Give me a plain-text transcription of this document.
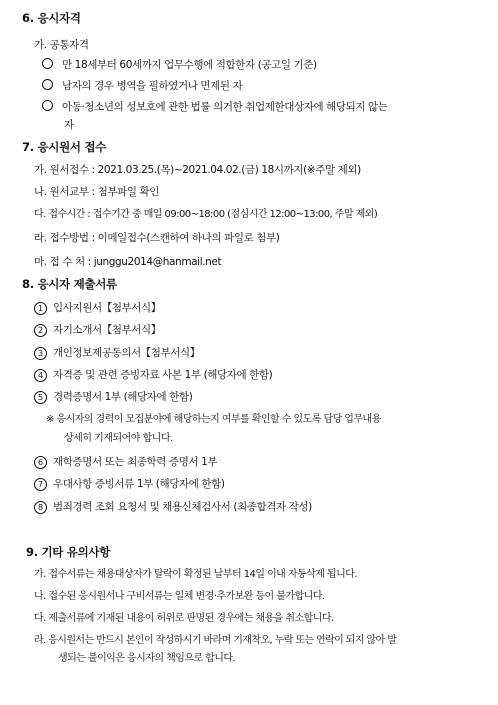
6. 응시자격
가. 공통자격
만 18세부터 60세까지 업무수행에 적합한자 (공고일 기준)
남자의 경우 병역을 필하였거나 면제된 자
아동·청소년의 성보호에 관한 법률 의거한 취업제한대상자에 해당되지 않는
자
7. 응시원서 접수
가. 원서접수 : 2021.03.25.(목)~2021.04.02.(금) 18시까지(※주말 제외)
나. 원서교부 : 첨부파일 확인
다. 접수시간 : 접수기간 중 매일 09:00~18:00 (점심시간 12:00~13:00, 주말 제외)
라. 접수방법 : 이메일접수(스캔하여 하나의 파일로 첨부)
마. 접 수 처 : junggu2014@hanmail.net
8. 응시자 제출서류
1 입사지원서【첨부서식】
2 자기소개서【첨부서식】
3 개인정보제공동의서【첨부서식】
4 자격증 및 관련 증빙자료 사본 1부 (해당자에 한함)
5 경력증명서 1부 (해당자에 한함)
※ 응시자의 경력이 모집분야에 해당하는지 여부를 확인할 수 있도록 담당 업무내용
상세히 기재되어야 합니다.
6 재학증명서 또는 최종학력 증명서 1부
7 우대사항 증빙서류 1부 (해당자에 한함)
8 범죄경력 조회 요청서 및 채용신체검사서 (최종합격자 작성)
9. 기타 유의사항
가. 접수서류는 채용대상자가 탈락이 확정된 날부터 14일 이내 자동삭제 됩니다.
나. 접수된 응시원서나 구비서류는 일체 변경·추가보완 등이 불가합니다.
다. 제출서류에 기재된 내용이 허위로 판명된 경우에는 채용을 취소합니다.
라. 응시원서는 반드시 본인이 작성하시기 바라며 기재착오, 누락 또는 연락이 되지 않아 발
생되는 불이익은 응시자의 책임으로 합니다.
